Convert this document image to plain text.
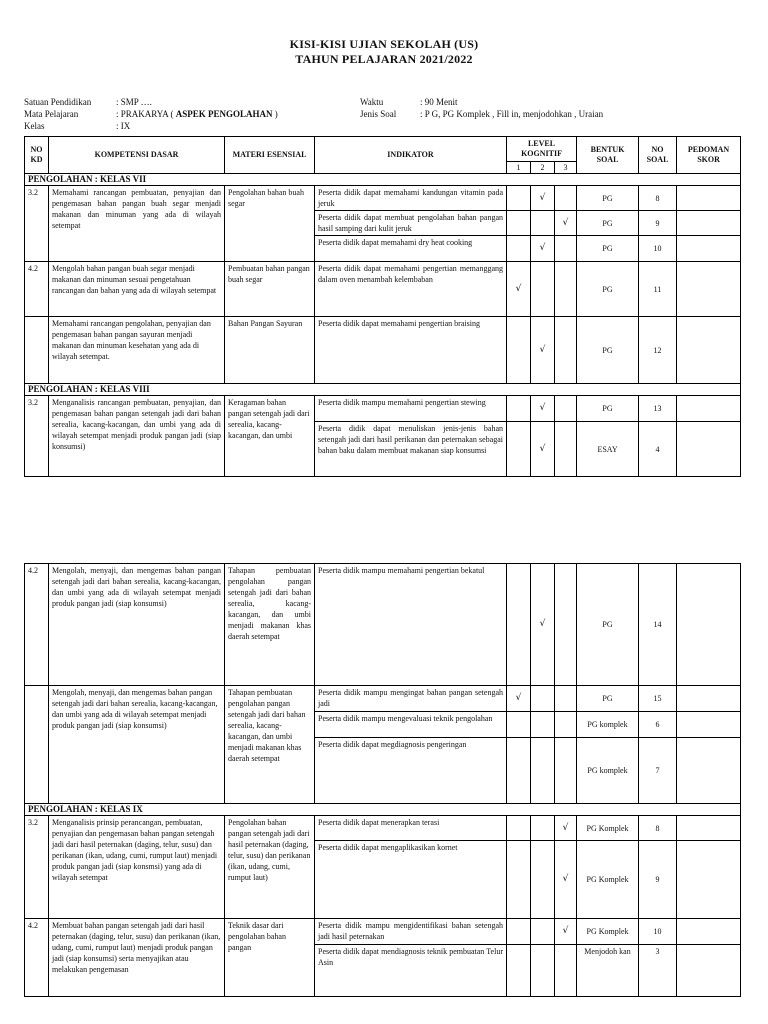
KISI-KISI UJIAN SEKOLAH (US)
TAHUN PELAJARAN 2021/2022
Satuan Pendidikan	: SMP ….
Mata Pelajaran	: PRAKARYA ( ASPEK PENGOLAHAN )
Kelas	: IX
Waktu	: 90 Menit
Jenis Soal	: P G, PG Komplek , Fill in, menjodohkan , Uraian
NO KD	KOMPETENSI DASAR	MATERI ESENSIAL	INDIKATOR	LEVEL KOGNITIF			BENTUK SOAL	NO SOAL	PEDOMAN SKOR
				1	2	3			
PENGOLAHAN : KELAS VII									
3.2	Memahami rancangan pembuatan, penyajian dan pengemasan bahan pangan buah segar menjadi makanan dan minuman yang ada di wilayah setempat	Pengolahan bahan buah segar	Peserta didik dapat memahami kandungan vitamin pada jeruk		√		PG	8	
			Peserta didik dapat membuat pengolahan bahan pangan hasil samping dari kulit jeruk			√	PG	9	
			Peserta didik dapat memahami dry heat cooking		√		PG	10	
4.2	Mengolah bahan pangan buah segar menjadi makanan dan minuman sesuai pengetahuan rancangan dan bahan yang ada di wilayah setempat	Pembuatan bahan pangan buah segar	Peserta didik dapat memahami pengertian memanggang dalam oven menambah kelembaban	√			PG	11	
	Memahami rancangan pengolahan, penyajian dan pengemasan bahan pangan sayuran menjadi makanan dan minuman kesehatan yang ada di wilayah setempat.	Bahan Pangan Sayuran	Peserta didik dapat memahami pengertian braising		√		PG	12	
PENGOLAHAN : KELAS VIII									
3.2	Menganalisis rancangan pembuatan, penyajian, dan pengemasan bahan pangan setengah jadi dari bahan serealia, kacang-kacangan, dan umbi yang ada di wilayah setempat menjadi produk pangan jadi (siap konsumsi)	Keragaman bahan pangan setengah jadi dari serealia, kacang-kacangan, dan umbi	Peserta didik mampu memahami pengertian stewing		√		PG	13	
			Peserta didik dapat menuliskan jenis-jenis bahan setengah jadi dari hasil perikanan dan peternakan sebagai bahan baku dalam membuat makanan siap konsumsi		√		ESAY	4	
4.2	Mengolah, menyaji, dan mengemas bahan pangan setengah jadi dari bahan serealia, kacang-kacangan, dan umbi yang ada di wilayah setempat menjadi produk pangan jadi (siap konsumsi)	Tahapan pembuatan pengolahan pangan setengah jadi dari bahan serealia, kacang-kacangan, dan umbi menjadi makanan khas daerah setempat	Peserta didik mampu memahami pengertian bekatul		√		PG	14	
	Mengolah, menyaji, dan mengemas bahan pangan setengah jadi dari bahan serealia, kacang-kacangan, dan umbi yang ada di wilayah setempat menjadi produk pangan jadi (siap konsumsi)	Tahapan pembuatan pengolahan pangan setengah jadi dari bahan serealia, kacang-kacangan, dan umbi menjadi makanan khas daerah setempat	Peserta didik mampu mengingat bahan pangan setengah jadi	√			PG	15	
			Peserta didik mampu mengevaluasi teknik pengolahan				PG komplek	6	
			Peserta didik dapat megdiagnosis pengeringan				PG komplek	7	
PENGOLAHAN : KELAS IX									
3.2	Menganalisis prinsip perancangan, pembuatan, penyajian dan pengemasan bahan pangan setengah jadi dari hasil peternakan (daging, telur, susu) dan perikanan (ikan, udang, cumi, rumput laut) menjadi produk pangan jadi (siap konsmsi) yang ada di wilayah setempat	Pengolahan bahan pangan setengah jadi dari hasil peternakan (daging, telur, susu) dan perikanan (ikan, udang, cumi, rumput laut)	Peserta didik dapat menerapkan terasi			√	PG Komplek	8	
			Peserta didik dapat mengaplikasikan kornet			√	PG Komplek	9	
4.2	Membuat bahan pangan setengah jadi dari hasil peternakan (daging, telur, susu) dan perikanan (ikan, udang, cumi, rumput laut) menjadi produk pangan jadi (siap konsumsi) serta menyajikan atau melakukan pengemasan	Teknik dasar dari pengolahan bahan pangan	Peserta didik mampu mengidentifikasi bahan setengah jadi hasil peternakan			√	PG Komplek	10	
			Peserta didik dapat mendiagnosis teknik pembuatan Telur Asin				Menjodoh kan	3	
